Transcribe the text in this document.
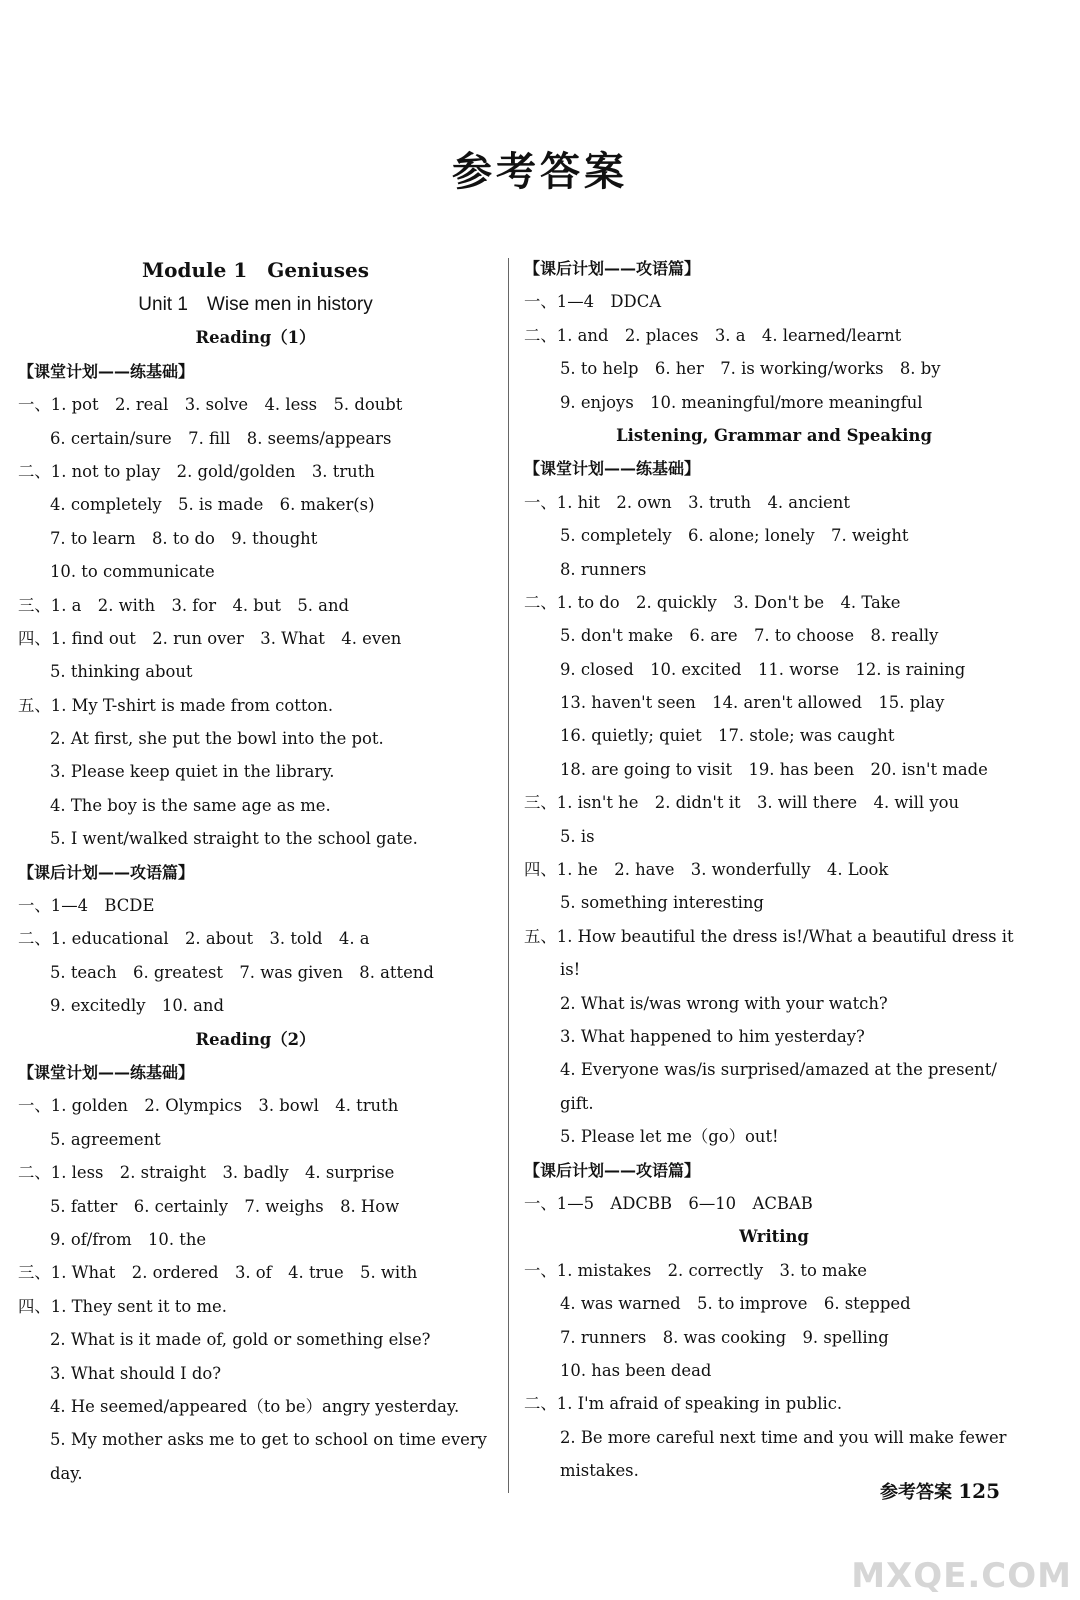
参考答案
Module 1　Geniuses
Unit 1　Wise men in history
Reading（1）
【课堂计划——练基础】
一、1. pot　2. real　3. solve　4. less　5. doubt
6. certain/sure　7. fill　8. seems/appears
二、1. not to play　2. gold/golden　3. truth
4. completely　5. is made　6. maker(s)
7. to learn　8. to do　9. thought
10. to communicate
三、1. a　2. with　3. for　4. but　5. and
四、1. find out　2. run over　3. What　4. even
5. thinking about
五、1. My T-shirt is made from cotton.
2. At first, she put the bowl into the pot.
3. Please keep quiet in the library.
4. The boy is the same age as me.
5. I went/walked straight to the school gate.
【课后计划——攻语篇】
一、1—4　BCDE
二、1. educational　2. about　3. told　4. a
5. teach　6. greatest　7. was given　8. attend
9. excitedly　10. and
Reading（2）
【课堂计划——练基础】
一、1. golden　2. Olympics　3. bowl　4. truth
5. agreement
二、1. less　2. straight　3. badly　4. surprise
5. fatter　6. certainly　7. weighs　8. How
9. of/from　10. the
三、1. What　2. ordered　3. of　4. true　5. with
四、1. They sent it to me.
2. What is it made of, gold or something else?
3. What should I do?
4. He seemed/appeared（to be）angry yesterday.
5. My mother asks me to get to school on time every
day.
【课后计划——攻语篇】
一、1—4　DDCA
二、1. and　2. places　3. a　4. learned/learnt
5. to help　6. her　7. is working/works　8. by
9. enjoys　10. meaningful/more meaningful
Listening, Grammar and Speaking
【课堂计划——练基础】
一、1. hit　2. own　3. truth　4. ancient
5. completely　6. alone; lonely　7. weight
8. runners
二、1. to do　2. quickly　3. Don't be　4. Take
5. don't make　6. are　7. to choose　8. really
9. closed　10. excited　11. worse　12. is raining
13. haven't seen　14. aren't allowed　15. play
16. quietly; quiet　17. stole; was caught
18. are going to visit　19. has been　20. isn't made
三、1. isn't he　2. didn't it　3. will there　4. will you
5. is
四、1. he　2. have　3. wonderfully　4. Look
5. something interesting
五、1. How beautiful the dress is!/What a beautiful dress it
is!
2. What is/was wrong with your watch?
3. What happened to him yesterday?
4. Everyone was/is surprised/amazed at the present/
gift.
5. Please let me（go）out!
【课后计划——攻语篇】
一、1—5　ADCBB　6—10　ACBAB
Writing
一、1. mistakes　2. correctly　3. to make
4. was warned　5. to improve　6. stepped
7. runners　8. was cooking　9. spelling
10. has been dead
二、1. I'm afraid of speaking in public.
2. Be more careful next time and you will make fewer
mistakes.
参考答案 125
MXQE.COM
